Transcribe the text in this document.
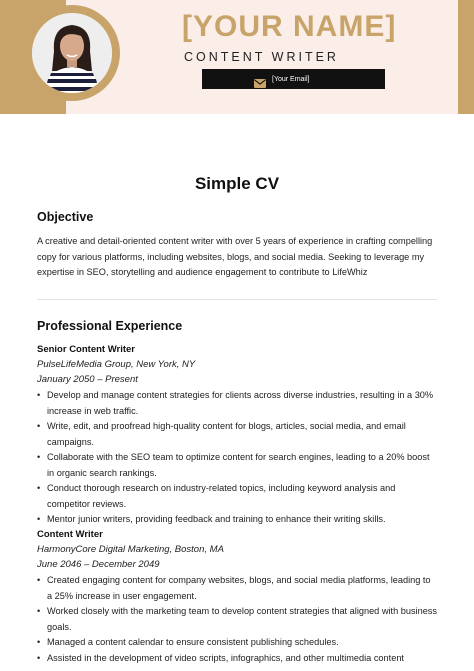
[YOUR NAME]
CONTENT WRITER
[Your Email]
Simple CV
Objective

A creative and detail-oriented content writer with over 5 years of experience in crafting compelling copy for various platforms, including websites, blogs, and social media. Seeking to leverage my expertise in SEO, storytelling and audience engagement to contribute to LifeWhiz

Professional Experience
Senior Content Writer
PulseLifeMedia Group, New York, NY
January 2050 – Present
• Develop and manage content strategies for clients across diverse industries, resulting in a 30% increase in web traffic.
• Write, edit, and proofread high-quality content for blogs, articles, social media, and email campaigns.
• Collaborate with the SEO team to optimize content for search engines, leading to a 20% boost in organic search rankings.
• Conduct thorough research on industry-related topics, including keyword analysis and competitor reviews.
• Mentor junior writers, providing feedback and training to enhance their writing skills.
Content Writer
HarmonyCore Digital Marketing, Boston, MA
June 2046 – December 2049
• Created engaging content for company websites, blogs, and social media platforms, leading to a 25% increase in user engagement.
• Worked closely with the marketing team to develop content strategies that aligned with business goals.
• Managed a content calendar to ensure consistent publishing schedules.
• Assisted in the development of video scripts, infographics, and other multimedia content
